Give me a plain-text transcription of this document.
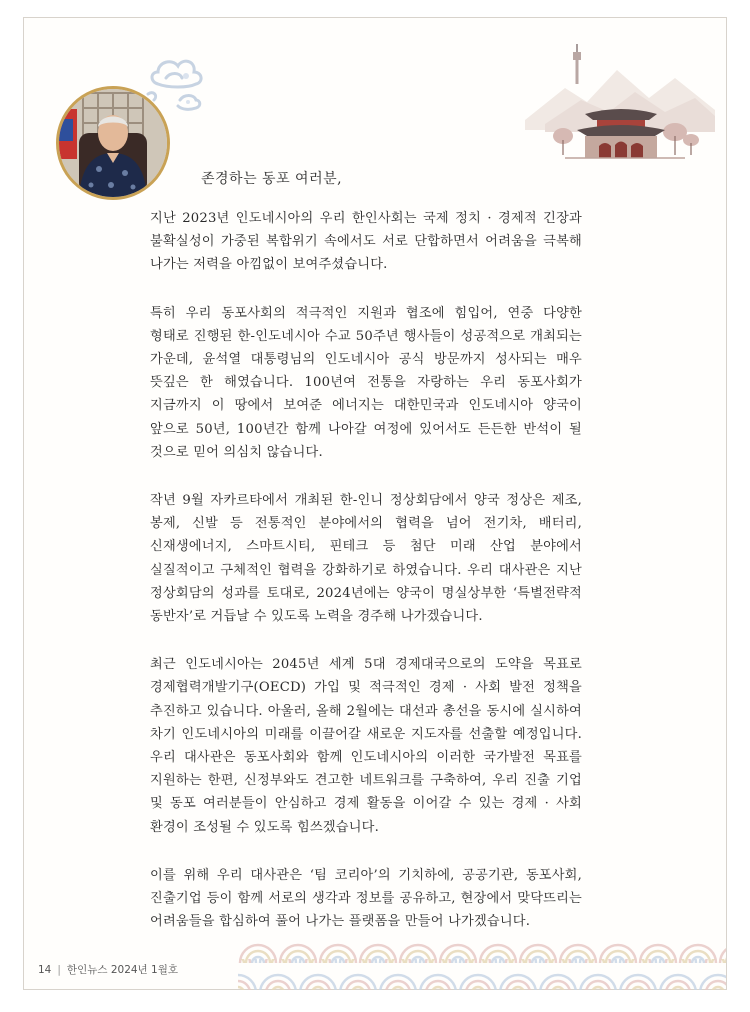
존경하는 동포 여러분,

지난 2023년 인도네시아의 우리 한인사회는 국제 정치 · 경제적 긴장과 불확실성이 가중된 복합위기 속에서도 서로 단합하면서 어려움을 극복해 나가는 저력을 아낌없이 보여주셨습니다.

특히 우리 동포사회의 적극적인 지원과 협조에 힘입어, 연중 다양한 형태로 진행된 한-인도네시아 수교 50주년 행사들이 성공적으로 개최되는 가운데, 윤석열 대통령님의 인도네시아 공식 방문까지 성사되는 매우 뜻깊은 한 해였습니다. 100년여 전통을 자랑하는 우리 동포사회가 지금까지 이 땅에서 보여준 에너지는 대한민국과 인도네시아 양국이 앞으로 50년, 100년간 함께 나아갈 여정에 있어서도 든든한 반석이 될 것으로 믿어 의심치 않습니다.

작년 9월 자카르타에서 개최된 한-인니 정상회담에서 양국 정상은 제조, 봉제, 신발 등 전통적인 분야에서의 협력을 넘어 전기차, 배터리, 신재생에너지, 스마트시티, 핀테크 등 첨단 미래 산업 분야에서 실질적이고 구체적인 협력을 강화하기로 하였습니다. 우리 대사관은 지난 정상회담의 성과를 토대로, 2024년에는 양국이 명실상부한 ‘특별전략적 동반자’로 거듭날 수 있도록 노력을 경주해 나가겠습니다.

최근 인도네시아는 2045년 세계 5대 경제대국으로의 도약을 목표로 경제협력개발기구(OECD) 가입 및 적극적인 경제 · 사회 발전 정책을 추진하고 있습니다. 아울러, 올해 2월에는 대선과 총선을 동시에 실시하여 차기 인도네시아의 미래를 이끌어갈 새로운 지도자를 선출할 예정입니다. 우리 대사관은 동포사회와 함께 인도네시아의 이러한 국가발전 목표를 지원하는 한편, 신정부와도 견고한 네트워크를 구축하여, 우리 진출 기업 및 동포 여러분들이 안심하고 경제 활동을 이어갈 수 있는 경제 · 사회 환경이 조성될 수 있도록 힘쓰겠습니다.

이를 위해 우리 대사관은 ‘팀 코리아’의 기치하에, 공공기관, 동포사회, 진출기업 등이 함께 서로의 생각과 정보를 공유하고, 현장에서 맞닥뜨리는 어려움들을 합심하여 풀어 나가는 플랫폼을 만들어 나가겠습니다.

14 | 한인뉴스 2024년 1월호
